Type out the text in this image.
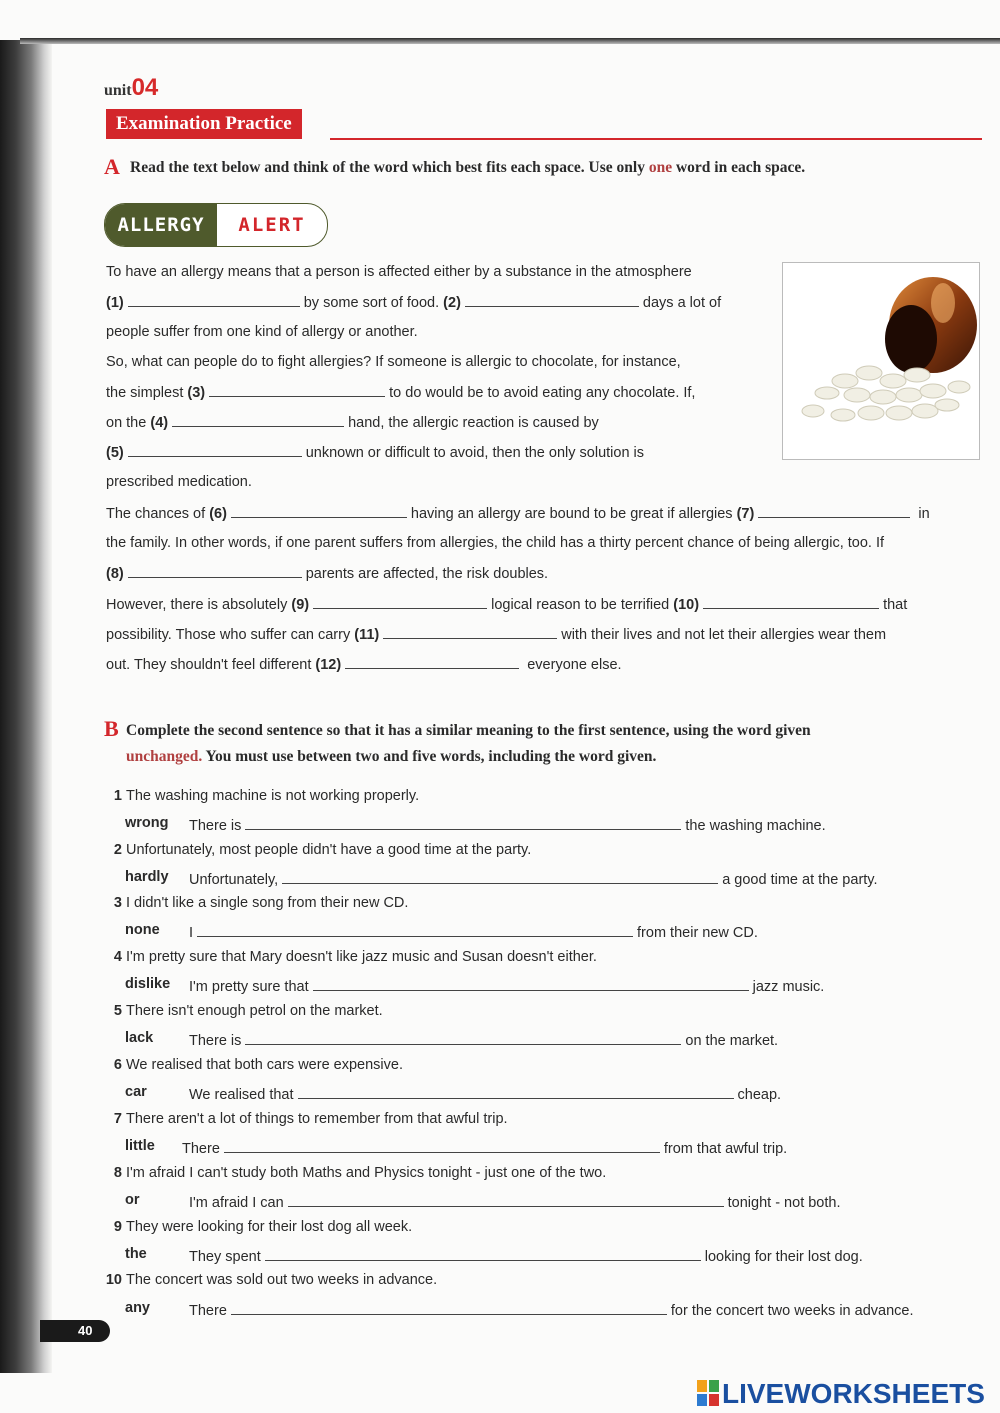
unit04
Examination Practice
A Read the text below and think of the word which best fits each space. Use only one word in each space.
ALLERGY	ALERT
To have an allergy means that a person is affected either by a substance in the atmosphere
(1)	by some sort of food. (2)	days a lot of
people suffer from one kind of allergy or another.
So, what can people do to fight allergies? If someone is allergic to chocolate, for instance,
the simplest (3)	to do would be to avoid eating any chocolate. If,
on the (4)	hand, the allergic reaction is caused by
(5)	unknown or difficult to avoid, then the only solution is
prescribed medication.
The chances of (6)	having an allergy are bound to be great if allergies (7)	in
the family. In other words, if one parent suffers from allergies, the child has a thirty percent chance of being allergic, too. If
(8)	parents are affected, the risk doubles.
However, there is absolutely (9)	logical reason to be terrified (10)	that
possibility. Those who suffer can carry (11)	with their lives and not let their allergies wear them
out. They shouldn't feel different (12)	everyone else.
B Complete the second sentence so that it has a similar meaning to the first sentence, using the word given
unchanged. You must use between two and five words, including the word given.
1 The washing machine is not working properly.
wrong There is	the washing machine.
2 Unfortunately, most people didn't have a good time at the party.
hardly Unfortunately,	a good time at the party.
3 I didn't like a single song from their new CD.
none I	from their new CD.
4 I'm pretty sure that Mary doesn't like jazz music and Susan doesn't either.
dislike I'm pretty sure that	jazz music.
5 There isn't enough petrol on the market.
lack There is	on the market.
6 We realised that both cars were expensive.
car	We realised that	cheap.
7 There aren't a lot of things to remember from that awful trip.
little There	from that awful trip.
8 I'm afraid I can't study both Maths and Physics tonight - just one of the two.
or	I'm afraid I can	tonight - not both.
9 They were looking for their lost dog all week.
the	They spent	looking for their lost dog.
10 The concert was sold out two weeks in advance.
any	There	for the concert two weeks in advance.
40
LIVEWORKSHEETS
